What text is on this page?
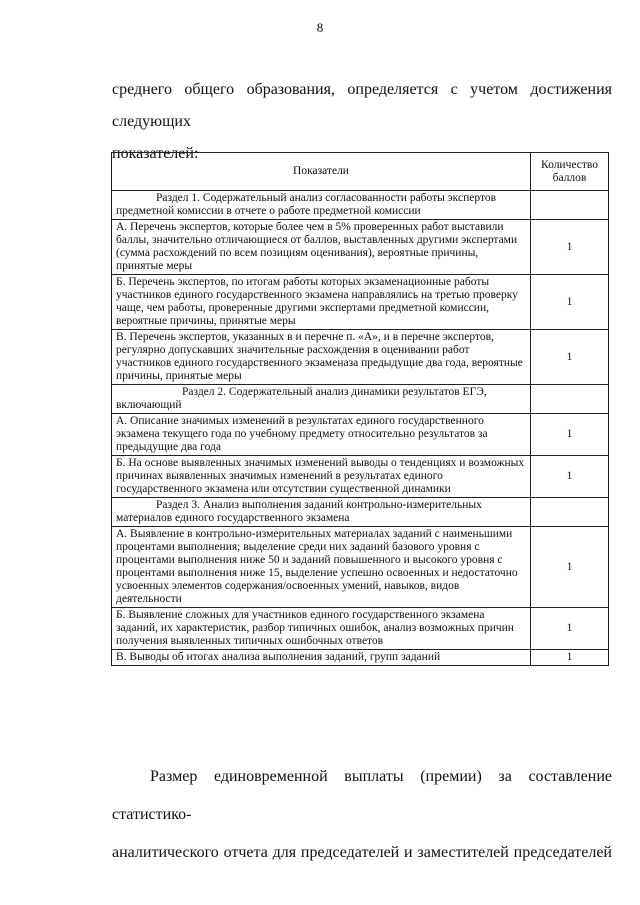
8
среднего общего образования, определяется с учетом достижения следующих
показателей:
Показатели	Количество баллов

Раздел 1. Содержательный анализ согласованности работы экспертов предметной комиссии в отчете о работе предметной комиссии	

А. Перечень экспертов, которые более чем в 5% проверенных работ выставили баллы, значительно отличающиеся от баллов, выставленных другими экспертами (сумма расхождений по всем позициям оценивания), вероятные причины, принятые меры	1
Б. Перечень экспертов, по итогам работы которых экзаменационные работы участников единого государственного экзамена направлялись на третью проверку чаще, чем работы, проверенные другими экспертами предметной комиссии, вероятные причины, принятые меры	1
В. Перечень экспертов, указанных в и перечне п. «А», и в перечне экспертов, регулярно допускавших значительные расхождения в оценивании работ участников единого государственного экзаменаза предыдущие два года, вероятные причины, принятые меры	1

Раздел 2. Содержательный анализ динамики результатов ЕГЭ, включающий	

А. Описание значимых изменений в результатах единого государственного экзамена текущего года по учебному предмету относительно результатов за предыдущие два года	1
Б. На основе выявленных значимых изменений выводы о тенденциях и возможных причинах выявленных значимых изменений в результатах единого государственного экзамена или отсутствии существенной динамики	1

Раздел 3. Анализ выполнения заданий контрольно-измерительных материалов единого государственного экзамена	

А. Выявление в контрольно-измерительных материалах заданий с наименьшими процентами выполнения; выделение среди них заданий базового уровня с процентами выполнения ниже 50 и заданий повышенного и высокого уровня с процентами выполнения ниже 15, выделение успешно освоенных и недостаточно усвоенных элементов содержания/освоенных умений, навыков, видов деятельности	1
Б. Выявление сложных для участников единого государственного экзамена заданий, их характеристик, разбор типичных ошибок, анализ возможных причин получения выявленных типичных ошибочных ответов	1
В. Выводы об итогах анализа выполнения заданий, групп заданий	1
Размер единовременной выплаты (премии) за составление статистико-
аналитического отчета для председателей и заместителей председателей
